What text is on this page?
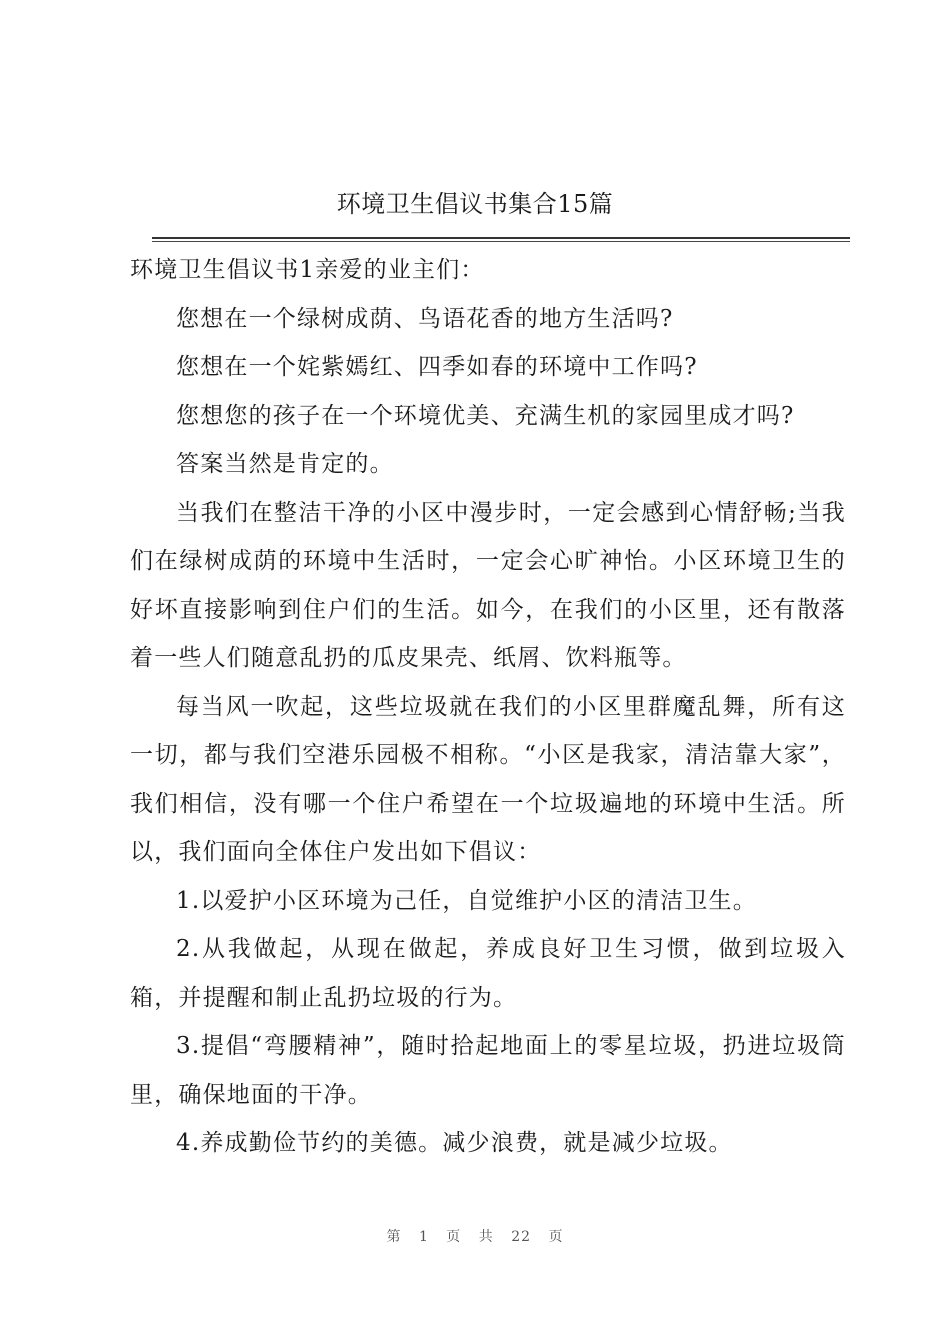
环境卫生倡议书集合15篇

环境卫生倡议书1亲爱的业主们：

您想在一个绿树成荫、鸟语花香的地方生活吗?

您想在一个姹紫嫣红、四季如春的环境中工作吗?

您想您的孩子在一个环境优美、充满生机的家园里成才吗?

答案当然是肯定的。

当我们在整洁干净的小区中漫步时，一定会感到心情舒畅;当我们在绿树成荫的环境中生活时，一定会心旷神怡。小区环境卫生的好坏直接影响到住户们的生活。如今，在我们的小区里，还有散落着一些人们随意乱扔的瓜皮果壳、纸屑、饮料瓶等。

每当风一吹起，这些垃圾就在我们的小区里群魔乱舞，所有这一切，都与我们空港乐园极不相称。“小区是我家，清洁靠大家”，我们相信，没有哪一个住户希望在一个垃圾遍地的环境中生活。所以，我们面向全体住户发出如下倡议：

1.以爱护小区环境为己任，自觉维护小区的清洁卫生。

2.从我做起，从现在做起，养成良好卫生习惯，做到垃圾入箱，并提醒和制止乱扔垃圾的行为。

3.提倡“弯腰精神”，随时拾起地面上的零星垃圾，扔进垃圾筒里，确保地面的干净。

4.养成勤俭节约的美德。减少浪费，就是减少垃圾。

第 1 页 共 22 页
